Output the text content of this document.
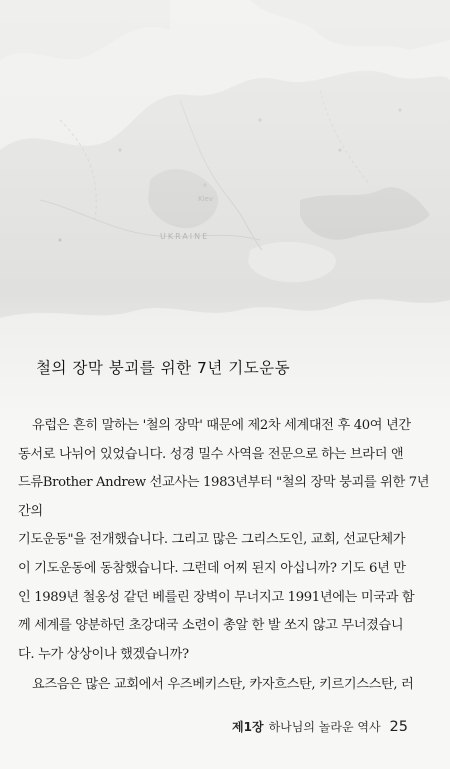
UKRAINE
Kiev
철의 장막 붕괴를 위한 7년 기도운동

유럽은 흔히 말하는 '철의 장막' 때문에 제2차 세계대전 후 40여 년간

동서로 나뉘어 있었습니다. 성경 밀수 사역을 전문으로 하는 브라더 앤

드류Brother Andrew 선교사는 1983년부터 "철의 장막 붕괴를 위한 7년간의

기도운동"을 전개했습니다. 그리고 많은 그리스도인, 교회, 선교단체가

이 기도운동에 동참했습니다. 그런데 어찌 된지 아십니까? 기도 6년 만

인 1989년 철옹성 같던 베를린 장벽이 무너지고 1991년에는 미국과 함

께 세계를 양분하던 초강대국 소련이 총알 한 발 쏘지 않고 무너졌습니

다. 누가 상상이나 했겠습니까?

요즈음은 많은 교회에서 우즈베키스탄, 카자흐스탄, 키르기스스탄, 러

제1장 하나님의 놀라운 역사 25
